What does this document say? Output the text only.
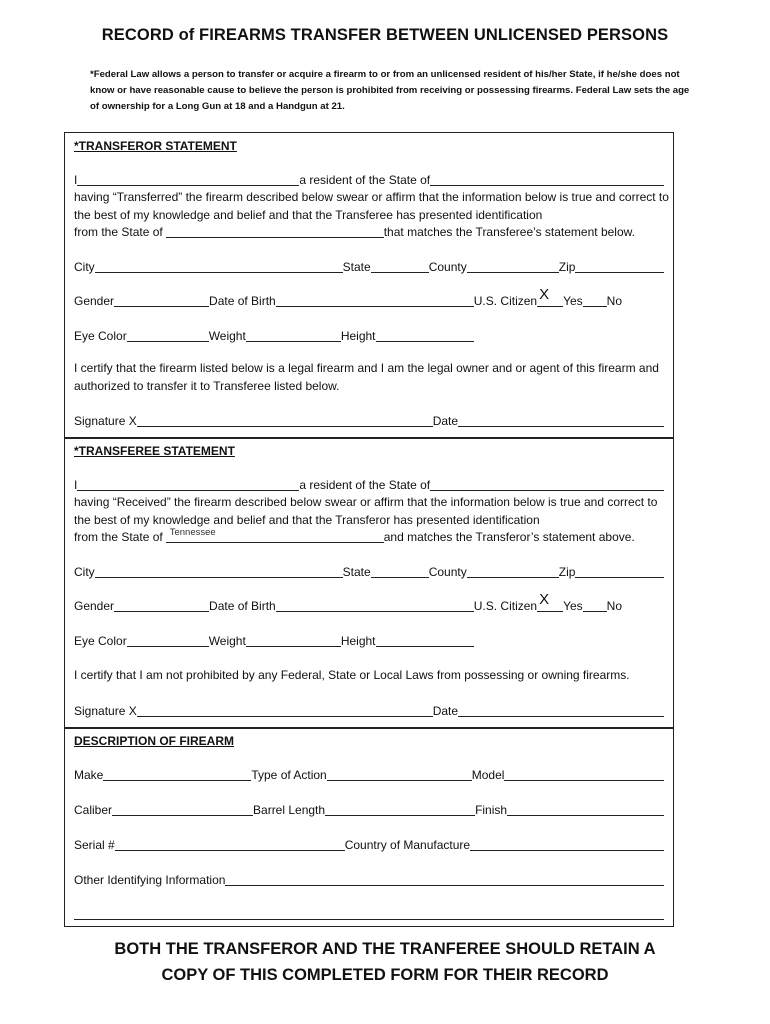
RECORD of FIREARMS TRANSFER BETWEEN UNLICENSED PERSONS
*Federal Law allows a person to transfer or acquire a firearm to or from an unlicensed resident of his/her State, if he/she does not know or have reasonable cause to believe the person is prohibited from receiving or possessing firearms. Federal Law sets the age of ownership for a Long Gun at 18 and a Handgun at 21.
*TRANSFEROR STATEMENT
I	a resident of the State of
having “Transferred” the firearm described below swear or affirm that the information below is true and correct to the best of my knowledge and belief and that the Transferee has presented identification
from the State of	that matches the Transferee’s statement below.
City	State	County	Zip
Gender	Date of Birth	U.S. Citizen X Yes No
Eye Color	Weight	Height
I certify that the firearm listed below is a legal firearm and I am the legal owner and or agent of this firearm and authorized to transfer it to Transferee listed below.
Signature X	Date
*TRANSFEREE STATEMENT
I	a resident of the State of
having “Received” the firearm described below swear or affirm that the information below is true and correct to the best of my knowledge and belief and that the Transferor has presented identification
from the State of Tennessee	and matches the Transferor’s statement above.
City	State	County	Zip
Gender	Date of Birth	U.S. Citizen X Yes No
Eye Color	Weight	Height
I certify that I am not prohibited by any Federal, State or Local Laws from possessing or owning firearms.
Signature X	Date
DESCRIPTION OF FIREARM
Make	Type of Action	Model
Caliber	Barrel Length	Finish
Serial #	Country of Manufacture
Other Identifying Information
BOTH THE TRANSFEROR AND THE TRANFEREE SHOULD RETAIN A
COPY OF THIS COMPLETED FORM FOR THEIR RECORD
